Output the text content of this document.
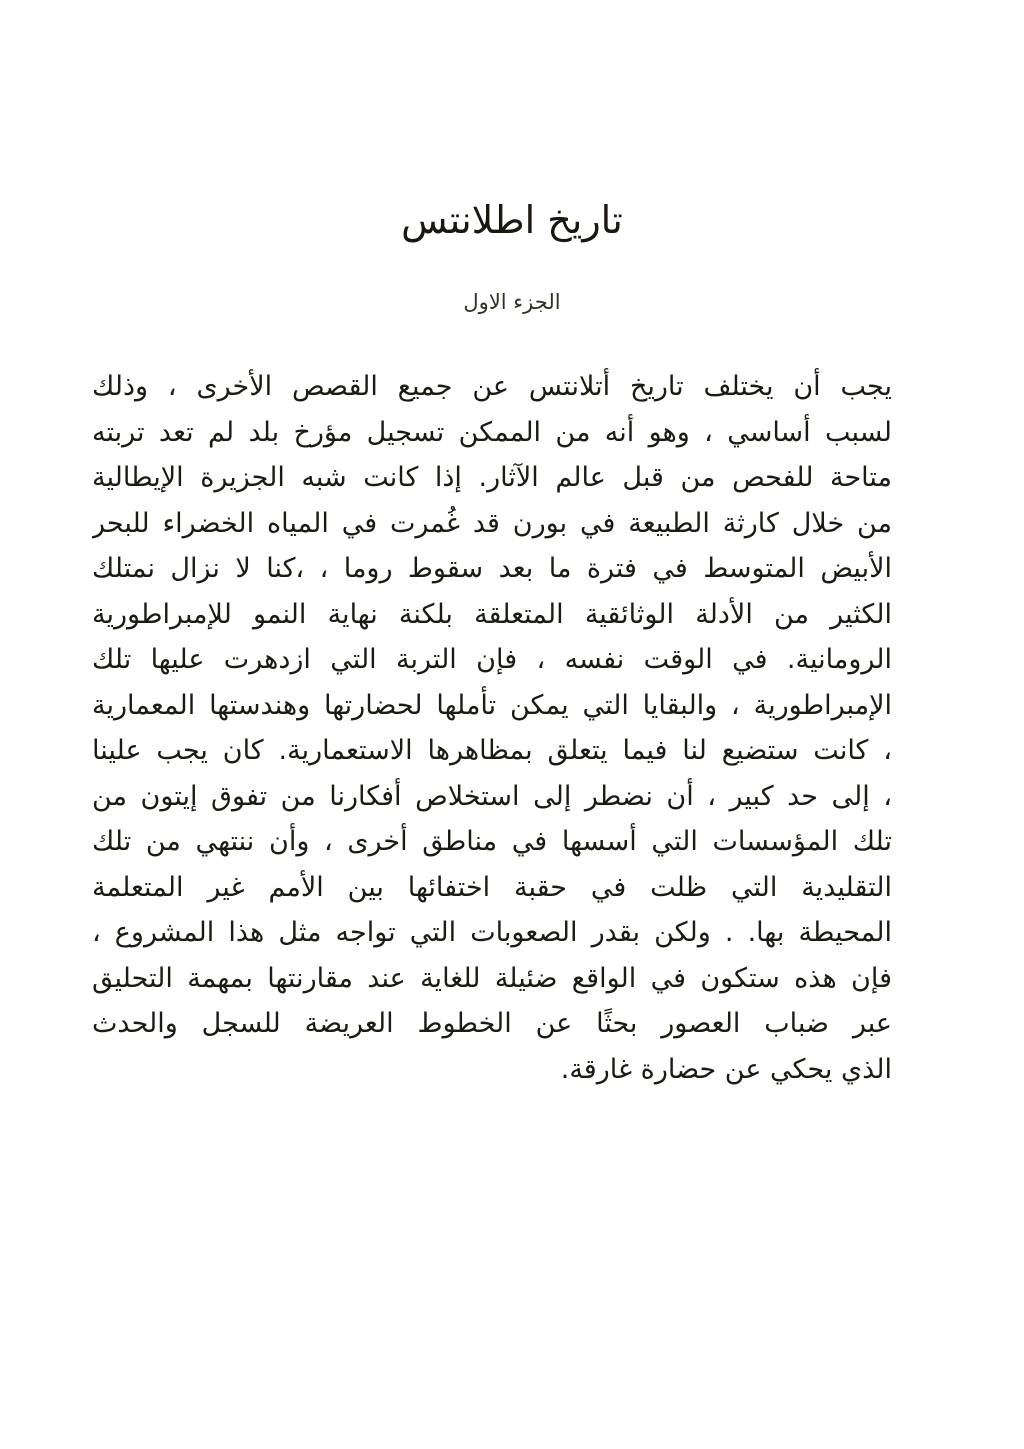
تاريخ اطلانتس
الجزء الاول
يجب أن يختلف تاريخ أتلانتس عن جميع القصص الأخرى ، وذلك
لسبب أساسي ، وهو أنه من الممكن تسجيل مؤرخ بلد لم تعد تربته
متاحة للفحص من قبل عالم الآثار. إذا كانت شبه الجزيرة الإيطالية
من خلال كارثة الطبيعة في بورن قد غُمرت في المياه الخضراء للبحر
الأبيض المتوسط في فترة ما بعد سقوط روما ، ،كنا لا نزال نمتلك
الكثير من الأدلة الوثائقية المتعلقة بلكنة نهاية النمو للإمبراطورية
الرومانية. في الوقت نفسه ، فإن التربة التي ازدهرت عليها تلك
الإمبراطورية ، والبقايا التي يمكن تأملها لحضارتها وهندستها المعمارية
، كانت ستضيع لنا فيما يتعلق بمظاهرها الاستعمارية. كان يجب علينا
، إلى حد كبير ، أن نضطر إلى استخلاص أفكارنا من تفوق إيتون من
تلك المؤسسات التي أسسها في مناطق أخرى ، وأن ننتهي من تلك
التقليدية التي ظلت في حقبة اختفائها بين الأمم غير المتعلمة
المحيطة بها. . ولكن بقدر الصعوبات التي تواجه مثل هذا المشروع ،
فإن هذه ستكون في الواقع ضئيلة للغاية عند مقارنتها بمهمة التحليق
عبر ضباب العصور بحثًا عن الخطوط العريضة للسجل والحدث
الذي يحكي عن حضارة غارقة.
